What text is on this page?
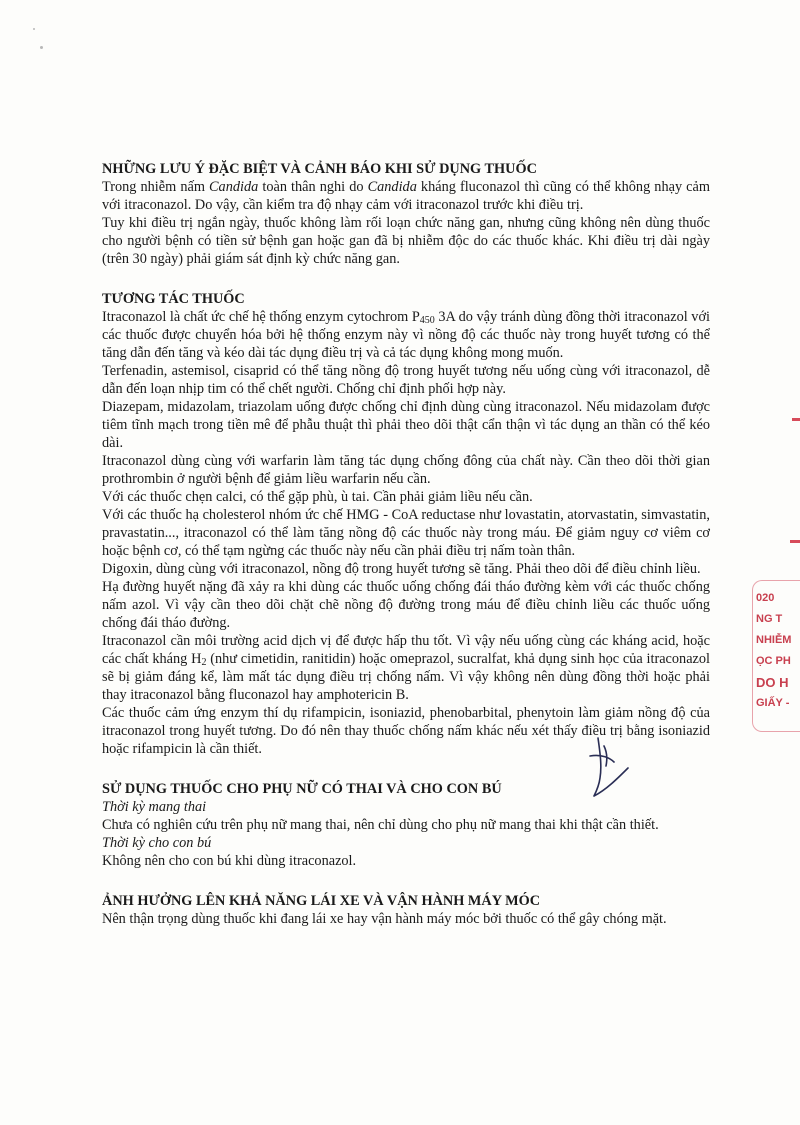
NHỮNG LƯU Ý ĐẶC BIỆT VÀ CẢNH BÁO KHI SỬ DỤNG THUỐC

Trong nhiễm nấm Candida toàn thân nghi do Candida kháng fluconazol thì cũng có thể không nhạy cảm với itraconazol. Do vậy, cần kiểm tra độ nhạy cảm với itraconazol trước khi điều trị.

Tuy khi điều trị ngắn ngày, thuốc không làm rối loạn chức năng gan, nhưng cũng không nên dùng thuốc cho người bệnh có tiền sử bệnh gan hoặc gan đã bị nhiễm độc do các thuốc khác. Khi điều trị dài ngày (trên 30 ngày) phải giám sát định kỳ chức năng gan.

TƯƠNG TÁC THUỐC

Itraconazol là chất ức chế hệ thống enzym cytochrom $P_{450}$ 3A do vậy tránh dùng đồng thời itraconazol với các thuốc được chuyển hóa bởi hệ thống enzym này vì nồng độ các thuốc này trong huyết tương có thể tăng dẫn đến tăng và kéo dài tác dụng điều trị và cả tác dụng không mong muốn.

Terfenadin, astemisol, cisaprid có thể tăng nồng độ trong huyết tương nếu uống cùng với itraconazol, dễ dẫn đến loạn nhịp tim có thể chết người. Chống chỉ định phối hợp này.

Diazepam, midazolam, triazolam uống được chống chỉ định dùng cùng itraconazol. Nếu midazolam được tiêm tĩnh mạch trong tiền mê để phẫu thuật thì phải theo dõi thật cẩn thận vì tác dụng an thần có thể kéo dài.

Itraconazol dùng cùng với warfarin làm tăng tác dụng chống đông của chất này. Cần theo dõi thời gian prothrombin ở người bệnh để giảm liều warfarin nếu cần.

Với các thuốc chẹn calci, có thể gặp phù, ù tai. Cần phải giảm liều nếu cần.

Với các thuốc hạ cholesterol nhóm ức chế HMG - CoA reductase như lovastatin, atorvastatin, simvastatin, pravastatin..., itraconazol có thể làm tăng nồng độ các thuốc này trong máu. Để giảm nguy cơ viêm cơ hoặc bệnh cơ, có thể tạm ngừng các thuốc này nếu cần phải điều trị nấm toàn thân.

Digoxin, dùng cùng với itraconazol, nồng độ trong huyết tương sẽ tăng. Phải theo dõi để điều chỉnh liều.

Hạ đường huyết nặng đã xảy ra khi dùng các thuốc uống chống đái tháo đường kèm với các thuốc chống nấm azol. Vì vậy cần theo dõi chặt chẽ nồng độ đường trong máu để điều chỉnh liều các thuốc uống chống đái tháo đường.

Itraconazol cần môi trường acid dịch vị để được hấp thu tốt. Vì vậy nếu uống cùng các kháng acid, hoặc các chất kháng $H_2$ (như cimetidin, ranitidin) hoặc omeprazol, sucralfat, khả dụng sinh học của itraconazol sẽ bị giảm đáng kể, làm mất tác dụng điều trị chống nấm. Vì vậy không nên dùng đồng thời hoặc phải thay itraconazol bằng fluconazol hay amphotericin B.

Các thuốc cảm ứng enzym thí dụ rifampicin, isoniazid, phenobarbital, phenytoin làm giảm nồng độ của itraconazol trong huyết tương. Do đó nên thay thuốc chống nấm khác nếu xét thấy điều trị bằng isoniazid hoặc rifampicin là cần thiết.

SỬ DỤNG THUỐC CHO PHỤ NỮ CÓ THAI VÀ CHO CON BÚ

Thời kỳ mang thai

Chưa có nghiên cứu trên phụ nữ mang thai, nên chỉ dùng cho phụ nữ mang thai khi thật cần thiết.

Thời kỳ cho con bú

Không nên cho con bú khi dùng itraconazol.

ẢNH HƯỞNG LÊN KHẢ NĂNG LÁI XE VÀ VẬN HÀNH MÁY MÓC

Nên thận trọng dùng thuốc khi đang lái xe hay vận hành máy móc bởi thuốc có thể gây chóng mặt.

020
NG T
NHIỄM
ỌC PH
DO H
GIẤY -
